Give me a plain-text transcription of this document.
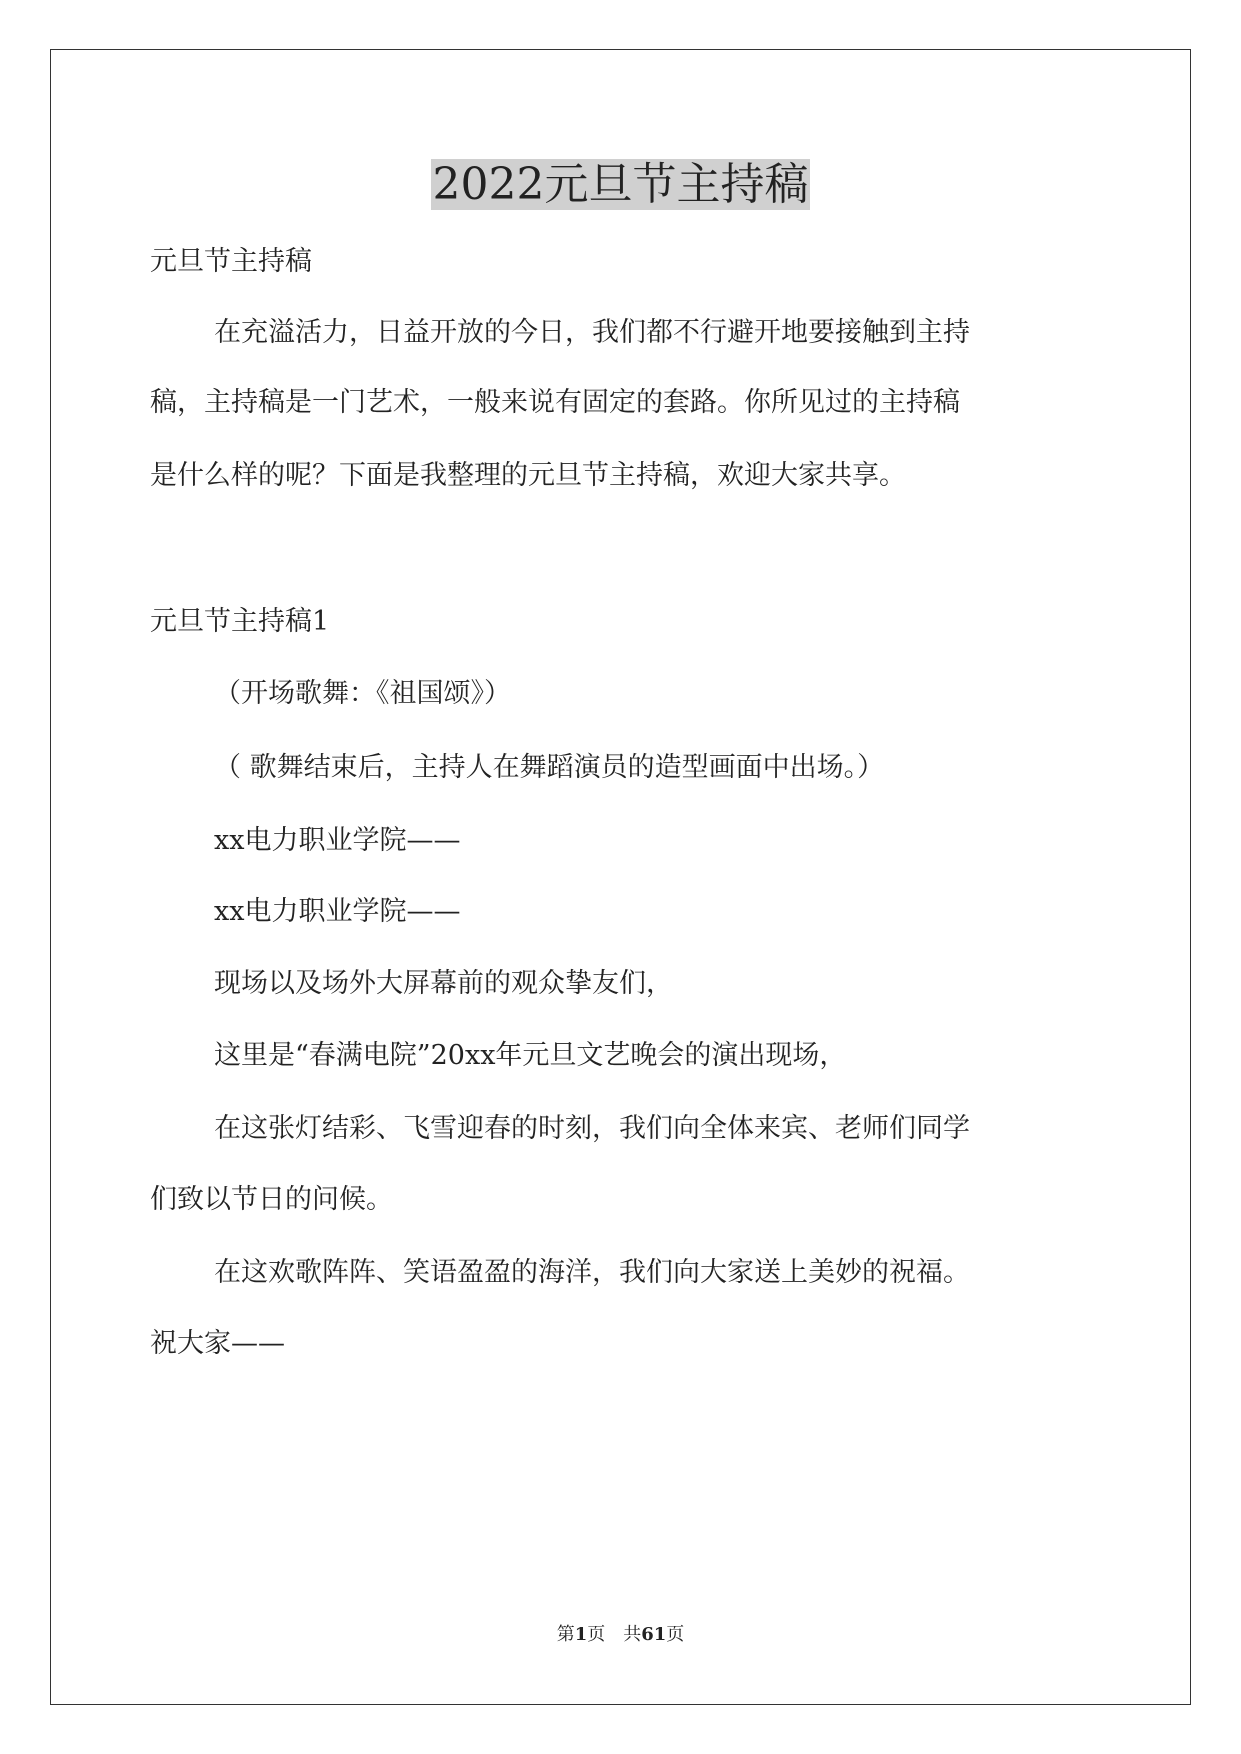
2022元旦节主持稿
元旦节主持稿
在充溢活力，日益开放的今日，我们都不行避开地要接触到主持
稿，主持稿是一门艺术，一般来说有固定的套路。你所见过的主持稿
是什么样的呢？下面是我整理的元旦节主持稿，欢迎大家共享。
元旦节主持稿1
（开场歌舞：《祖国颂》）
（ 歌舞结束后，主持人在舞蹈演员的造型画面中出场。）
xx电力职业学院——
xx电力职业学院——
现场以及场外大屏幕前的观众挚友们，
这里是“春满电院”20xx年元旦文艺晚会的演出现场，
在这张灯结彩、飞雪迎春的时刻，我们向全体来宾、老师们同学
们致以节日的问候。
在这欢歌阵阵、笑语盈盈的海洋，我们向大家送上美妙的祝福。
祝大家——
第1页　共61页
